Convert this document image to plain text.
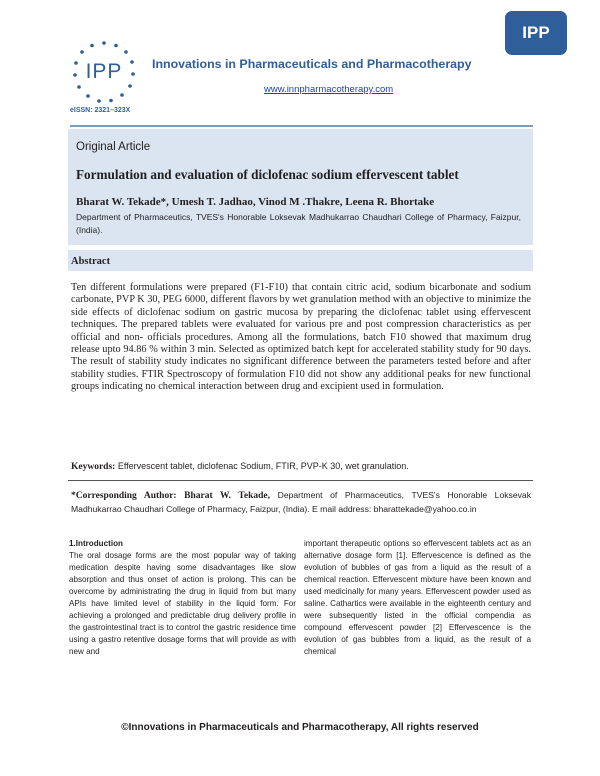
IPP
IPP	Innovations in Pharmaceuticals and Pharmacotherapy
www.innpharmacotherapy.com
eISSN: 2321–323X
Original Article
Formulation and evaluation of diclofenac sodium effervescent tablet
Bharat W. Tekade*, Umesh T. Jadhao, Vinod M .Thakre, Leena R. Bhortake
Department of Pharmaceutics, TVES's Honorable Loksevak Madhukarrao Chaudhari College of Pharmacy, Faizpur, (India).
Abstract
Ten different formulations were prepared (F1-F10) that contain citric acid, sodium bicarbonate and sodium carbonate, PVP K 30, PEG 6000, different flavors by wet granulation method with an objective to minimize the side effects of diclofenac sodium on gastric mucosa by preparing the diclofenac tablet using effervescent techniques. The prepared tablets were evaluated for various pre and post compression characteristics as per official and non- officials procedures. Among all the formulations, batch F10 showed that maximum drug release upto 94.86 % within 3 min. Selected as optimized batch kept for accelerated stability study for 90 days. The result of stability study indicates no significant difference between the parameters tested before and after stability studies. FTIR Spectroscopy of formulation F10 did not show any additional peaks for new functional groups indicating no chemical interaction between drug and excipient used in formulation.
Keywords: Effervescent tablet, diclofenac Sodium, FTIR, PVP-K 30, wet granulation.
*Corresponding Author: Bharat W. Tekade, Department of Pharmaceutics, TVES's Honorable Loksevak Madhukarrao Chaudhari College of Pharmacy, Faizpur, (India). E mail address: bharattekade@yahoo.co.in
1.Introduction
The oral dosage forms are the most popular way of taking medication despite having some disadvantages like slow absorption and thus onset of action is prolong. This can be overcome by administrating the drug in liquid from but many APIs have limited level of stability in the liquid form. For achieving a prolonged and predictable drug delivery profile in the gastrointestinal tract is to control the gastric residence time using a gastro retentive dosage forms that will provide as with new and
important therapeutic options so effervescent tablets act as an alternative dosage form [1]. Effervescence is defined as the evolution of bubbles of gas from a liquid as the result of a chemical reaction. Effervescent mixture have been known and used medicinally for many years. Effervescent powder used as saline. Cathartics were available in the eighteenth century and were subsequently listed in the official compendia as compound effervescent powder [2] Effervescence is the evolution of gas bubbles from a liquid, as the result of a chemical
©Innovations in Pharmaceuticals and Pharmacotherapy, All rights reserved
